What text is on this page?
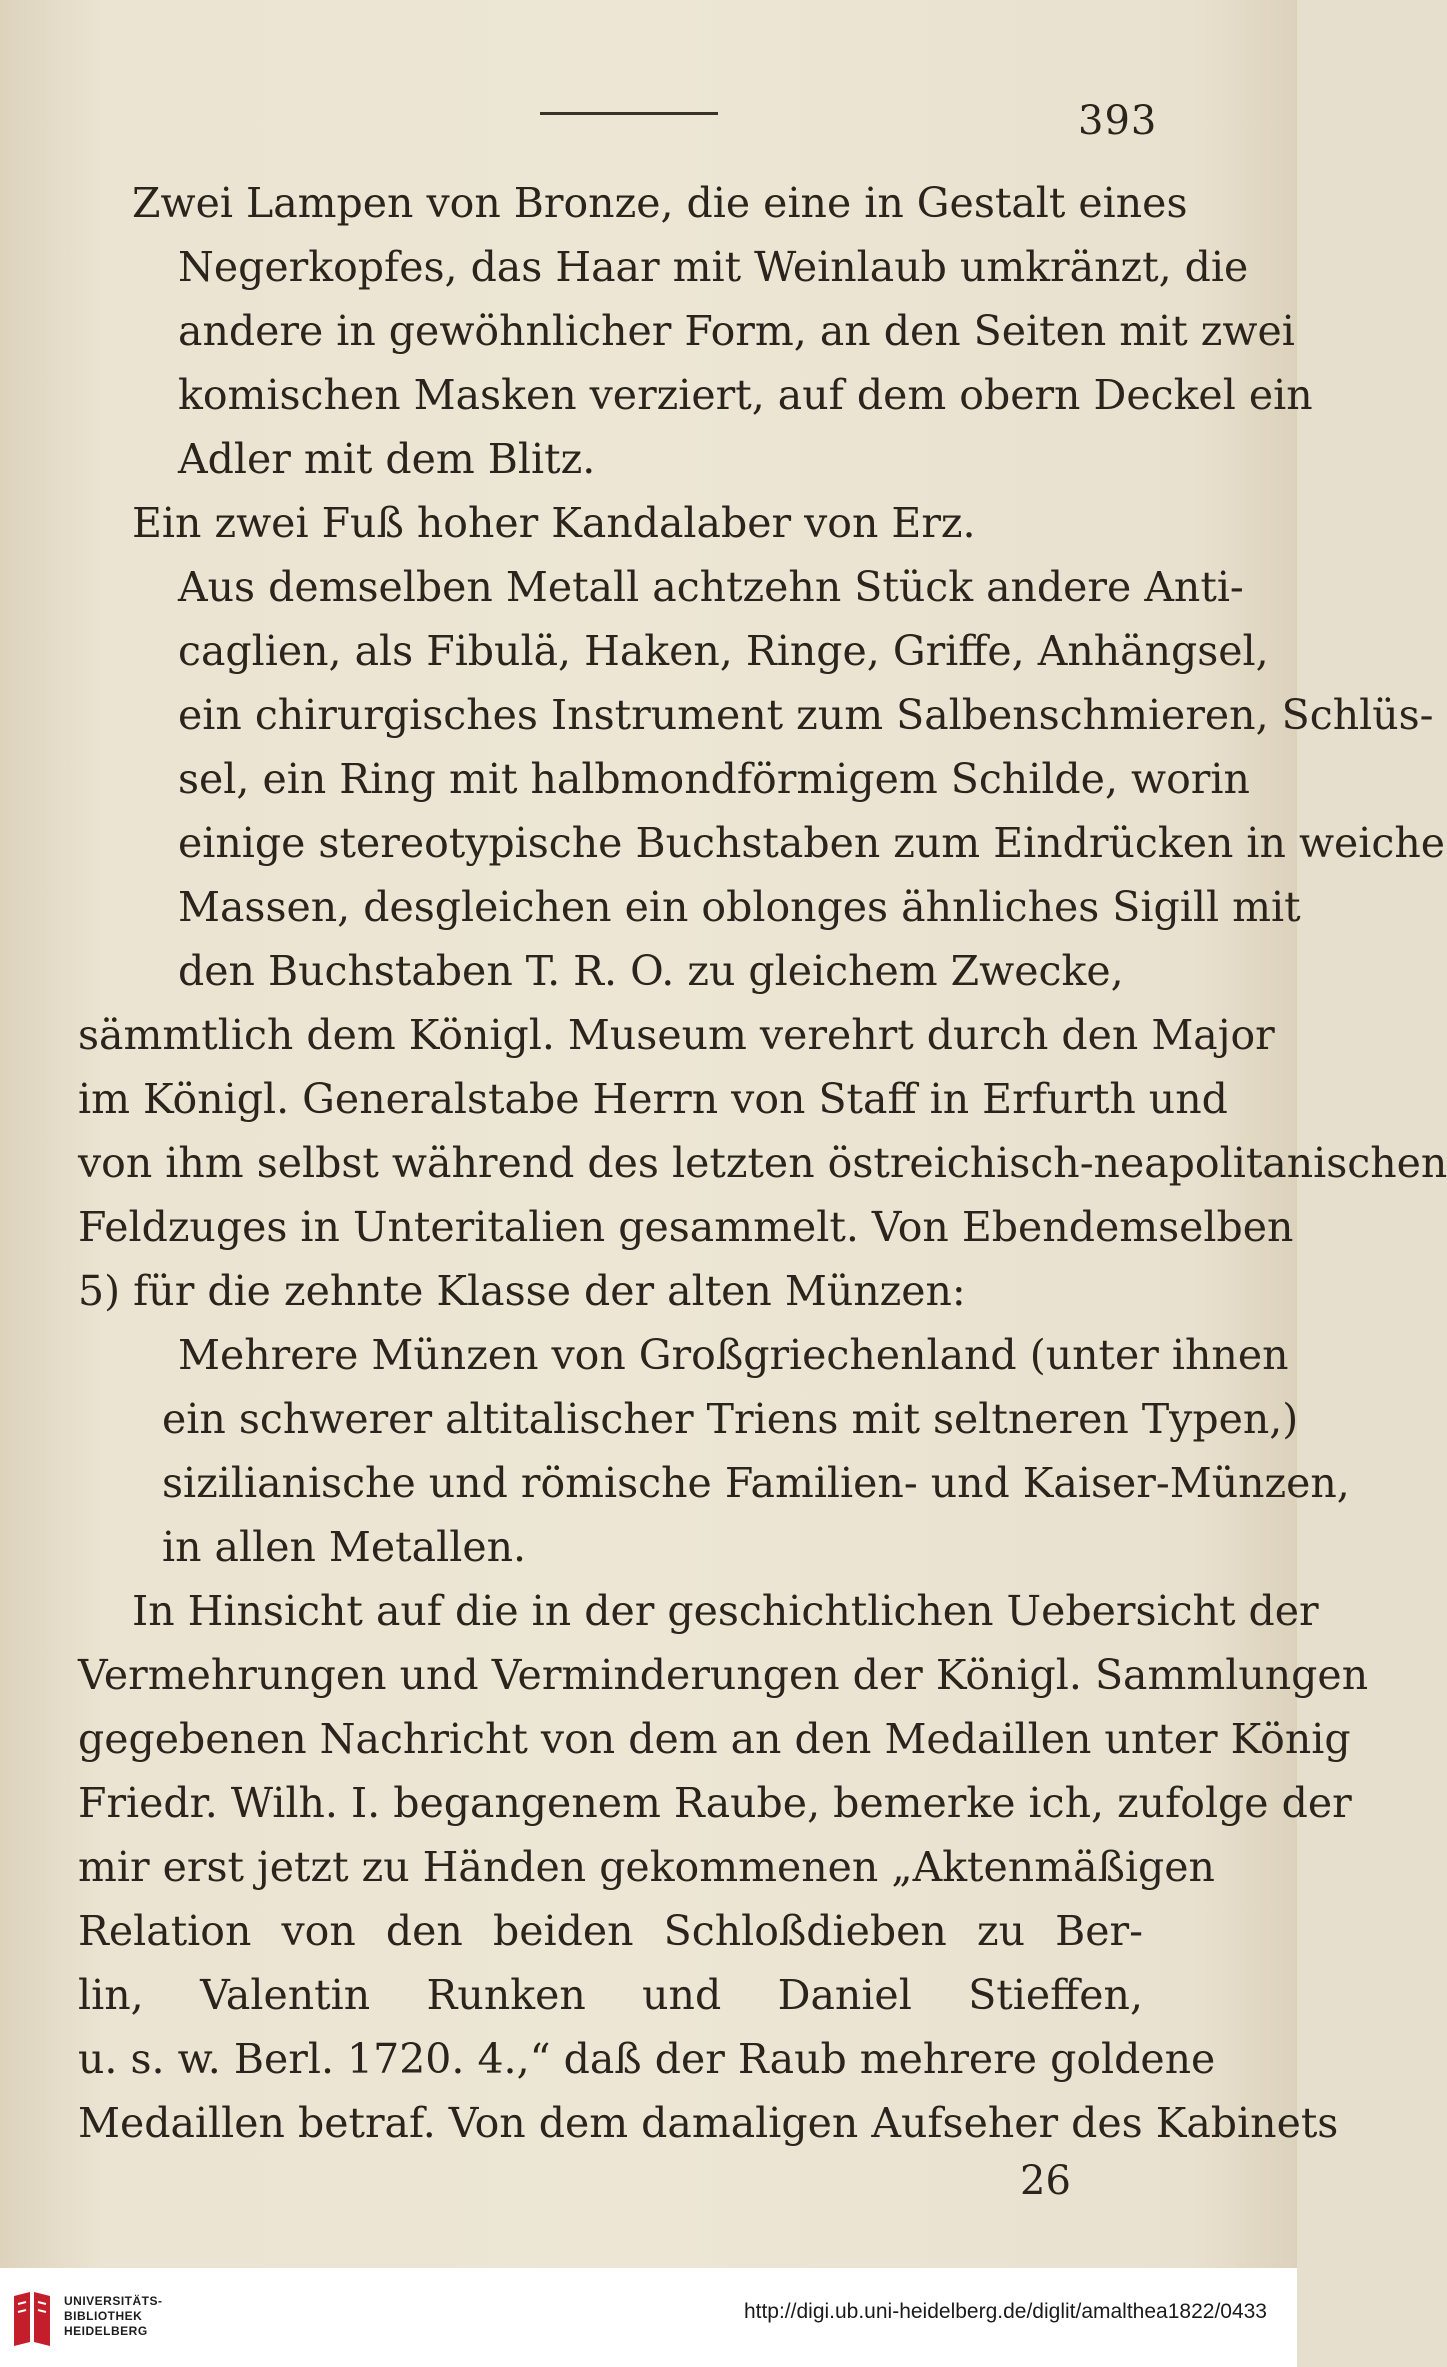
393
Zwei Lampen von Bronze, die eine in Gestalt eines
Negerkopfes, das Haar mit Weinlaub umkränzt, die
andere in gewöhnlicher Form, an den Seiten mit zwei
komischen Masken verziert, auf dem obern Deckel ein
Adler mit dem Blitz.
Ein zwei Fuß hoher Kandalaber von Erz.
Aus demselben Metall achtzehn Stück andere Anti-
caglien, als Fibulä, Haken, Ringe, Griffe, Anhängsel,
ein chirurgisches Instrument zum Salbenschmieren, Schlüs-
sel, ein Ring mit halbmondförmigem Schilde, worin
einige stereotypische Buchstaben zum Eindrücken in weiche
Massen, desgleichen ein oblonges ähnliches Sigill mit
den Buchstaben T. R. O. zu gleichem Zwecke,
sämmtlich dem Königl. Museum verehrt durch den Major
im Königl. Generalstabe Herrn von Staff in Erfurth und
von ihm selbst während des letzten östreichisch-neapolitanischen
Feldzuges in Unteritalien gesammelt. Von Ebendemselben
5) für die zehnte Klasse der alten Münzen:
Mehrere Münzen von Großgriechenland (unter ihnen
ein schwerer altitalischer Triens mit seltneren Typen,)
sizilianische und römische Familien- und Kaiser-Münzen,
in allen Metallen.
In Hinsicht auf die in der geschichtlichen Uebersicht der
Vermehrungen und Verminderungen der Königl. Sammlungen
gegebenen Nachricht von dem an den Medaillen unter König
Friedr. Wilh. I. begangenem Raube, bemerke ich, zufolge der
mir erst jetzt zu Händen gekommenen „Aktenmäßigen
Relation von den beiden Schloßdieben zu Ber-
lin, Valentin Runken und Daniel Stieffen,
u. s. w. Berl. 1720. 4.,“ daß der Raub mehrere goldene
Medaillen betraf. Von dem damaligen Aufseher des Kabinets
26
UNIVERSITÄTS-
BIBLIOTHEK
HEIDELBERG
http://digi.ub.uni-heidelberg.de/diglit/amalthea1822/0433
